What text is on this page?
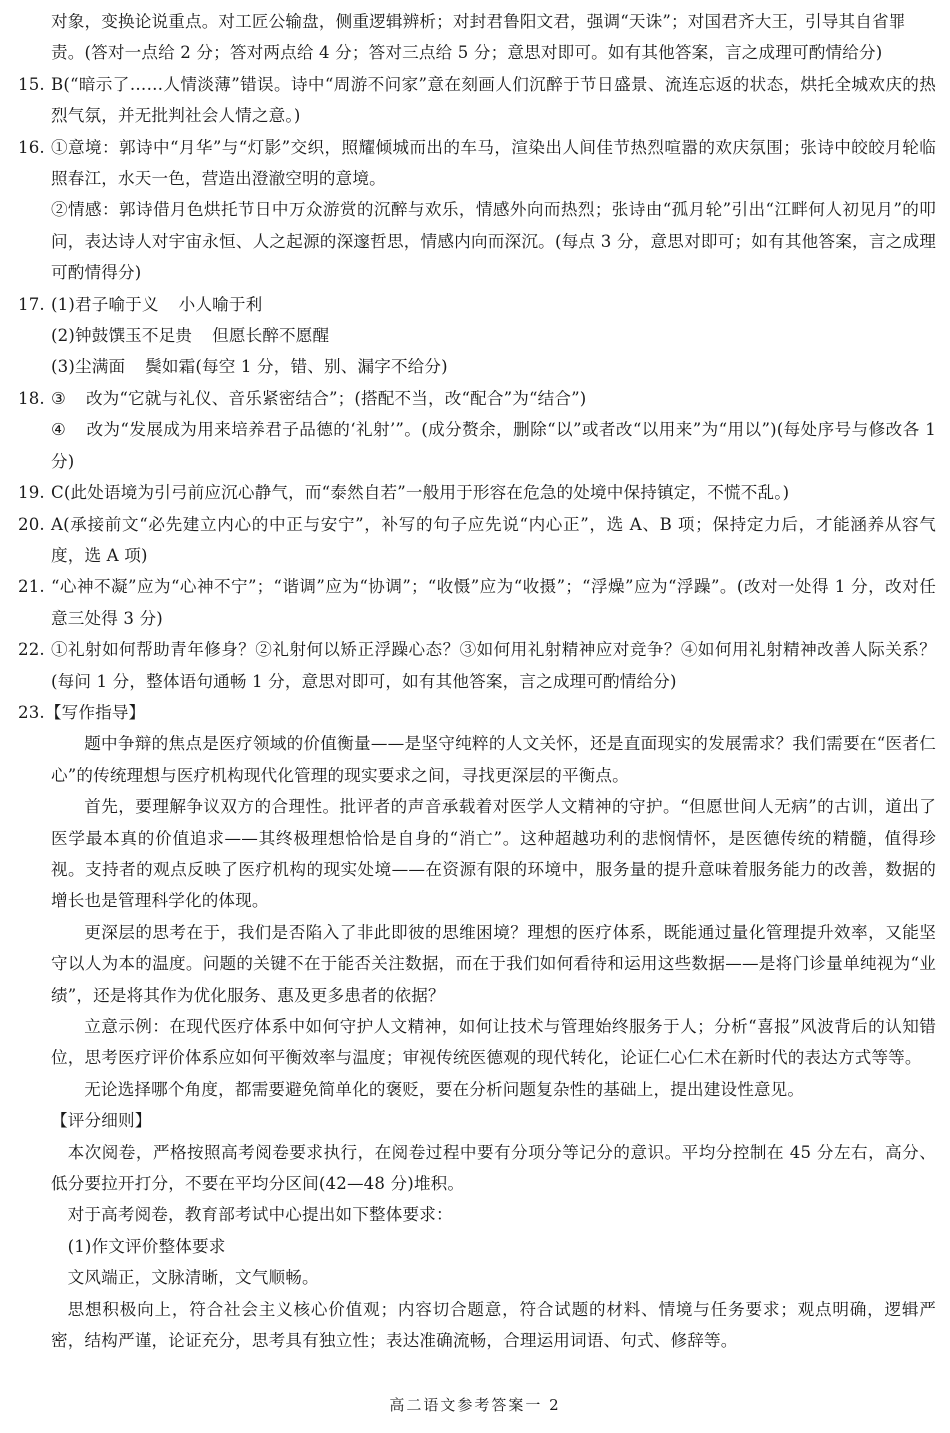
对象，变换论说重点。对工匠公输盘，侧重逻辑辨析；对封君鲁阳文君，强调“天诛”；对国君齐大王，引导其自省罪
责。(答对一点给 2 分；答对两点给 4 分；答对三点给 5 分；意思对即可。如有其他答案，言之成理可酌情给分)
15. B(“暗示了……人情淡薄”错误。诗中“周游不问家”意在刻画人们沉醉于节日盛景、流连忘返的状态，烘托全城欢庆的热烈气氛，并无批判社会人情之意。)
16. ①意境：郭诗中“月华”与“灯影”交织，照耀倾城而出的车马，渲染出人间佳节热烈喧嚣的欢庆氛围；张诗中皎皎月轮临照春江，水天一色，营造出澄澈空明的意境。
②情感：郭诗借月色烘托节日中万众游赏的沉醉与欢乐，情感外向而热烈；张诗由“孤月轮”引出“江畔何人初见月”的叩问，表达诗人对宇宙永恒、人之起源的深邃哲思，情感内向而深沉。(每点 3 分，意思对即可；如有其他答案，言之成理可酌情得分)
17. (1)君子喻于义 小人喻于利
(2)钟鼓馔玉不足贵 但愿长醉不愿醒
(3)尘满面 鬓如霜(每空 1 分，错、别、漏字不给分)
18. ③ 改为“它就与礼仪、音乐紧密结合”；(搭配不当，改“配合”为“结合”)
④ 改为“发展成为用来培养君子品德的‘礼射’”。(成分赘余，删除“以”或者改“以用来”为“用以”)(每处序号与修改各 1 分)
19. C(此处语境为引弓前应沉心静气，而“泰然自若”一般用于形容在危急的处境中保持镇定，不慌不乱。)
20. A(承接前文“必先建立内心的中正与安宁”，补写的句子应先说“内心正”，选 A、B 项；保持定力后，才能涵养从容气度，选 A 项)
21. “心神不凝”应为“心神不宁”；“谐调”应为“协调”；“收慑”应为“收摄”；“浮燥”应为“浮躁”。(改对一处得 1 分，改对任意三处得 3 分)
22. ①礼射如何帮助青年修身？②礼射何以矫正浮躁心态？③如何用礼射精神应对竞争？④如何用礼射精神改善人际关系？(每问 1 分，整体语句通畅 1 分，意思对即可，如有其他答案，言之成理可酌情给分)
23.【写作指导】
题中争辩的焦点是医疗领域的价值衡量——是坚守纯粹的人文关怀，还是直面现实的发展需求？我们需要在“医者仁心”的传统理想与医疗机构现代化管理的现实要求之间，寻找更深层的平衡点。
首先，要理解争议双方的合理性。批评者的声音承载着对医学人文精神的守护。“但愿世间人无病”的古训，道出了医学最本真的价值追求——其终极理想恰恰是自身的“消亡”。这种超越功利的悲悯情怀，是医德传统的精髓，值得珍视。支持者的观点反映了医疗机构的现实处境——在资源有限的环境中，服务量的提升意味着服务能力的改善，数据的增长也是管理科学化的体现。
更深层的思考在于，我们是否陷入了非此即彼的思维困境？理想的医疗体系，既能通过量化管理提升效率，又能坚守以人为本的温度。问题的关键不在于能否关注数据，而在于我们如何看待和运用这些数据——是将门诊量单纯视为“业绩”，还是将其作为优化服务、惠及更多患者的依据？
立意示例：在现代医疗体系中如何守护人文精神，如何让技术与管理始终服务于人；分析“喜报”风波背后的认知错位，思考医疗评价体系应如何平衡效率与温度；审视传统医德观的现代转化，论证仁心仁术在新时代的表达方式等等。
无论选择哪个角度，都需要避免简单化的褒贬，要在分析问题复杂性的基础上，提出建设性意见。
【评分细则】
本次阅卷，严格按照高考阅卷要求执行，在阅卷过程中要有分项分等记分的意识。平均分控制在 45 分左右，高分、低分要拉开打分，不要在平均分区间(42—48 分)堆积。
对于高考阅卷，教育部考试中心提出如下整体要求：
(1)作文评价整体要求
文风端正，文脉清晰，文气顺畅。
思想积极向上，符合社会主义核心价值观；内容切合题意，符合试题的材料、情境与任务要求；观点明确，逻辑严密，结构严谨，论证充分，思考具有独立性；表达准确流畅，合理运用词语、句式、修辞等。
高二语文参考答案一 2
